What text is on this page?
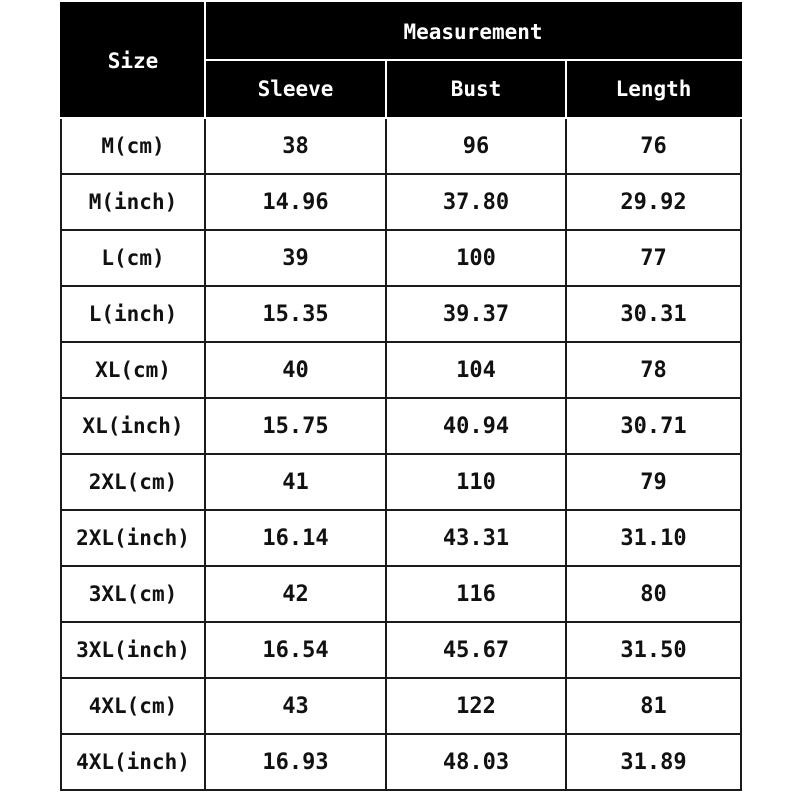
Size	Measurement		
	Sleeve	Bust	Length
M(cm)	38	96	76
M(inch)	14.96	37.80	29.92
L(cm)	39	100	77
L(inch)	15.35	39.37	30.31
XL(cm)	40	104	78
XL(inch)	15.75	40.94	30.71
2XL(cm)	41	110	79
2XL(inch)	16.14	43.31	31.10
3XL(cm)	42	116	80
3XL(inch)	16.54	45.67	31.50
4XL(cm)	43	122	81
4XL(inch)	16.93	48.03	31.89
